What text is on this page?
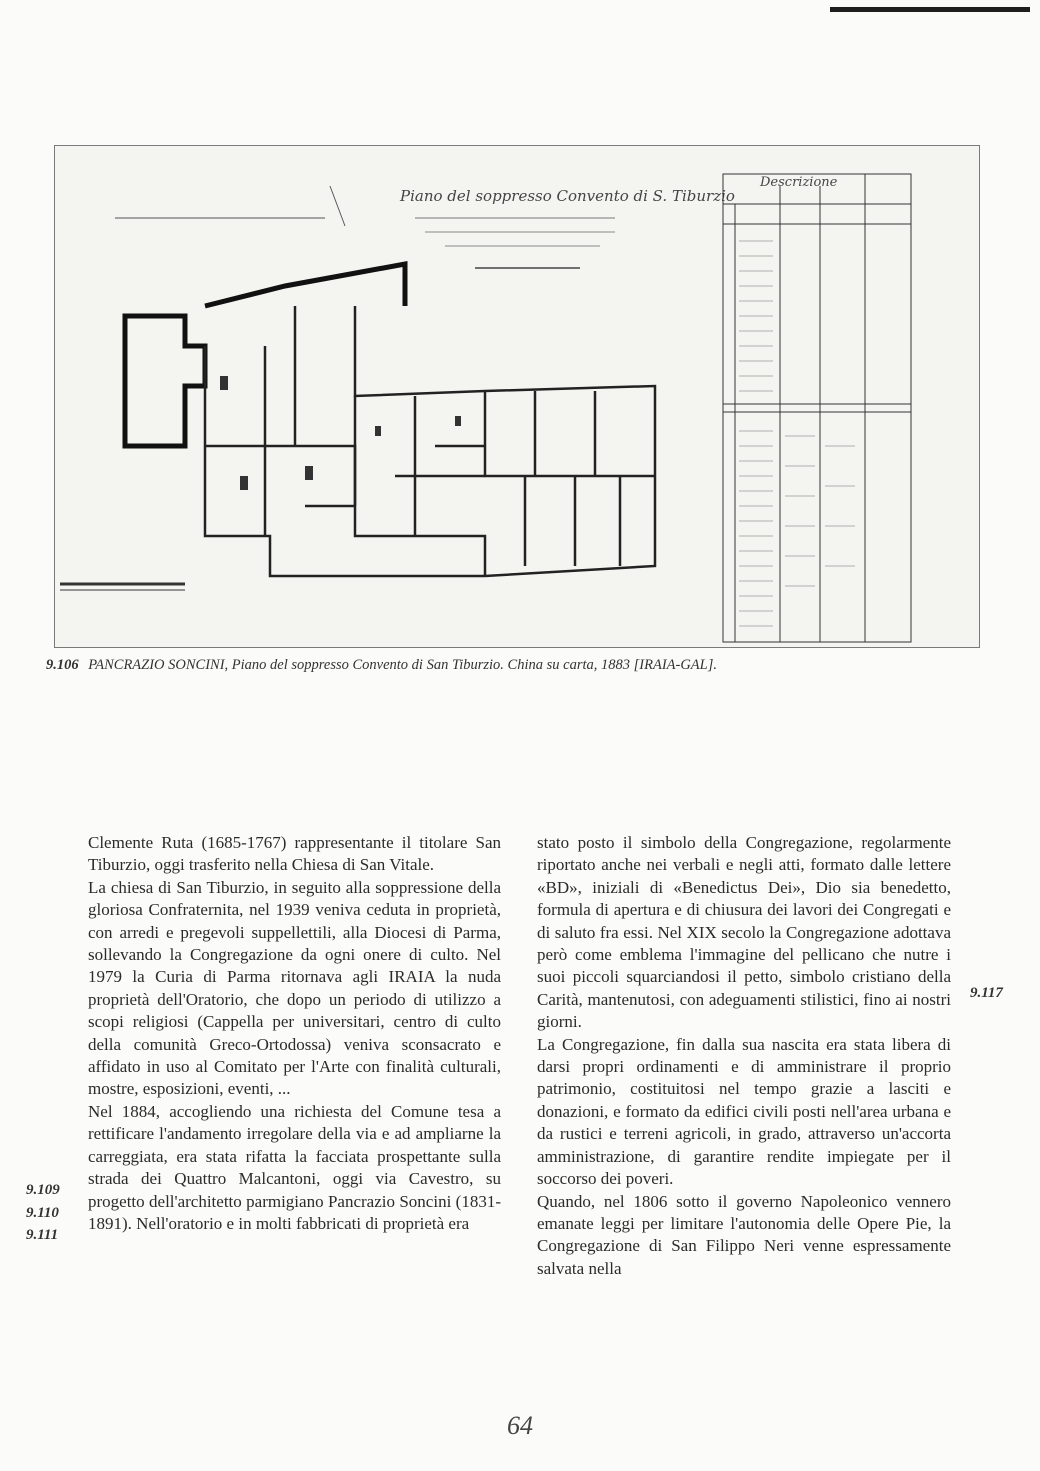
Piano del soppresso Convento di S. Tiburzio
Descrizione
9.106 PANCRAZIO SONCINI, Piano del soppresso Convento di San Tiburzio. China su carta, 1883 [IRAIA-GAL].

Clemente Ruta (1685-1767) rappresentante il titolare San Tiburzio, oggi trasferito nella Chiesa di San Vitale.

La chiesa di San Tiburzio, in seguito alla soppressione della gloriosa Confraternita, nel 1939 veniva ceduta in proprietà, con arredi e pregevoli suppellettili, alla Diocesi di Parma, sollevando la Congregazione da ogni onere di culto. Nel 1979 la Curia di Parma ritornava agli IRAIA la nuda proprietà dell'Oratorio, che dopo un periodo di utilizzo a scopi religiosi (Cappella per universitari, centro di culto della comunità Greco-Ortodossa) veniva sconsacrato e affidato in uso al Comitato per l'Arte con finalità culturali, mostre, esposizioni, eventi, ...

Nel 1884, accogliendo una richiesta del Comune tesa a rettificare l'andamento irregolare della via e ad ampliarne la carreggiata, era stata rifatta la facciata prospettante sulla strada dei Quattro Malcantoni, oggi via Cavestro, su progetto dell'architetto parmigiano Pancrazio Soncini (1831-1891). Nell'oratorio e in molti fabbricati di proprietà era

stato posto il simbolo della Congregazione, regolarmente riportato anche nei verbali e negli atti, formato dalle lettere «BD», iniziali di «Benedictus Dei», Dio sia benedetto, formula di apertura e di chiusura dei lavori dei Congregati e di saluto fra essi. Nel XIX secolo la Congregazione adottava però come emblema l'immagine del pellicano che nutre i suoi piccoli squarciandosi il petto, simbolo cristiano della Carità, mantenutosi, con adeguamenti stilistici, fino ai nostri giorni.

La Congregazione, fin dalla sua nascita era stata libera di darsi propri ordinamenti e di amministrare il proprio patrimonio, costituitosi nel tempo grazie a lasciti e donazioni, e formato da edifici civili posti nell'area urbana e da rustici e terreni agricoli, in grado, attraverso un'accorta amministrazione, di garantire rendite impiegate per il soccorso dei poveri.

Quando, nel 1806 sotto il governo Napoleonico vennero emanate leggi per limitare l'autonomia delle Opere Pie, la Congregazione di San Filippo Neri venne espressamente salvata nella

9.109
9.110
9.111
9.117
64
